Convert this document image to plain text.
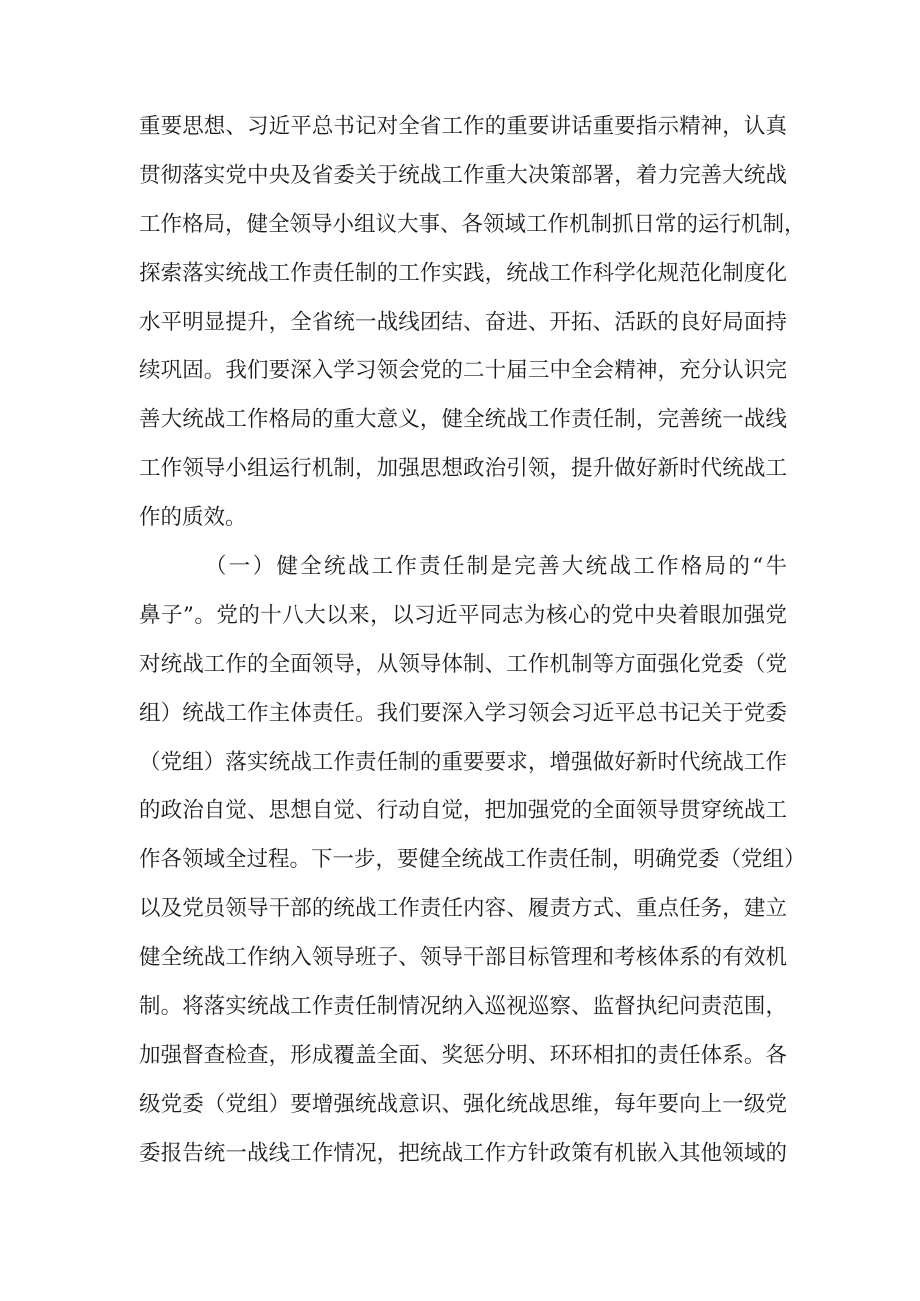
重要思想、习近平总书记对全省工作的重要讲话重要指示精神，认真
贯彻落实党中央及省委关于统战工作重大决策部署，着力完善大统战
工作格局，健全领导小组议大事、各领域工作机制抓日常的运行机制，
探索落实统战工作责任制的工作实践，统战工作科学化规范化制度化
水平明显提升，全省统一战线团结、奋进、开拓、活跃的良好局面持
续巩固。我们要深入学习领会党的二十届三中全会精神，充分认识完
善大统战工作格局的重大意义，健全统战工作责任制，完善统一战线
工作领导小组运行机制，加强思想政治引领，提升做好新时代统战工
作的质效。
（一）健全统战工作责任制是完善大统战工作格局的“牛
鼻子”。党的十八大以来，以习近平同志为核心的党中央着眼加强党
对统战工作的全面领导，从领导体制、工作机制等方面强化党委（党
组）统战工作主体责任。我们要深入学习领会习近平总书记关于党委
（党组）落实统战工作责任制的重要要求，增强做好新时代统战工作
的政治自觉、思想自觉、行动自觉，把加强党的全面领导贯穿统战工
作各领域全过程。下一步，要健全统战工作责任制，明确党委（党组）
以及党员领导干部的统战工作责任内容、履责方式、重点任务，建立
健全统战工作纳入领导班子、领导干部目标管理和考核体系的有效机
制。将落实统战工作责任制情况纳入巡视巡察、监督执纪问责范围，
加强督查检查，形成覆盖全面、奖惩分明、环环相扣的责任体系。各
级党委（党组）要增强统战意识、强化统战思维，每年要向上一级党
委报告统一战线工作情况，把统战工作方针政策有机嵌入其他领域的
